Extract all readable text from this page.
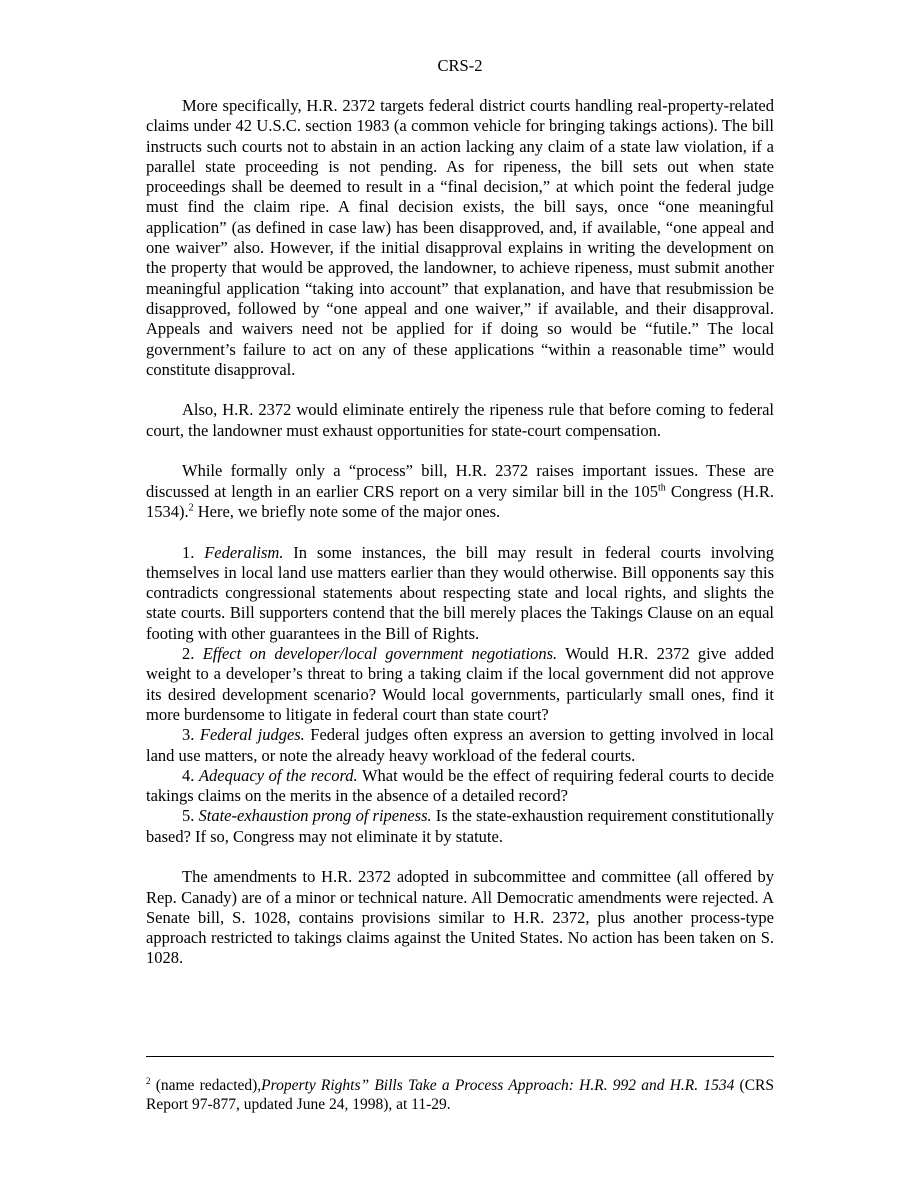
CRS-2

More specifically, H.R. 2372 targets federal district courts handling real-property-related claims under 42 U.S.C. section 1983 (a common vehicle for bringing takings actions). The bill instructs such courts not to abstain in an action lacking any claim of a state law violation, if a parallel state proceeding is not pending. As for ripeness, the bill sets out when state proceedings shall be deemed to result in a “final decision,” at which point the federal judge must find the claim ripe. A final decision exists, the bill says, once “one meaningful application” (as defined in case law) has been disapproved, and, if available, “one appeal and one waiver” also. However, if the initial disapproval explains in writing the development on the property that would be approved, the landowner, to achieve ripeness, must submit another meaningful application “taking into account” that explanation, and have that resubmission be disapproved, followed by “one appeal and one waiver,” if available, and their disapproval. Appeals and waivers need not be applied for if doing so would be “futile.” The local government’s failure to act on any of these applications “within a reasonable time” would constitute disapproval.

Also, H.R. 2372 would eliminate entirely the ripeness rule that before coming to federal court, the landowner must exhaust opportunities for state-court compensation.

While formally only a “process” bill, H.R. 2372 raises important issues. These are discussed at length in an earlier CRS report on a very similar bill in the 105th Congress (H.R. 1534).$^2$ Here, we briefly note some of the major ones.

1. Federalism. In some instances, the bill may result in federal courts involving themselves in local land use matters earlier than they would otherwise. Bill opponents say this contradicts congressional statements about respecting state and local rights, and slights the state courts. Bill supporters contend that the bill merely places the Takings Clause on an equal footing with other guarantees in the Bill of Rights.

2. Effect on developer/local government negotiations. Would H.R. 2372 give added weight to a developer’s threat to bring a taking claim if the local government did not approve its desired development scenario? Would local governments, particularly small ones, find it more burdensome to litigate in federal court than state court?

3. Federal judges. Federal judges often express an aversion to getting involved in local land use matters, or note the already heavy workload of the federal courts.

4. Adequacy of the record. What would be the effect of requiring federal courts to decide takings claims on the merits in the absence of a detailed record?

5. State-exhaustion prong of ripeness. Is the state-exhaustion requirement constitutionally based? If so, Congress may not eliminate it by statute.

The amendments to H.R. 2372 adopted in subcommittee and committee (all offered by Rep. Canady) are of a minor or technical nature. All Democratic amendments were rejected. A Senate bill, S. 1028, contains provisions similar to H.R. 2372, plus another process-type approach restricted to takings claims against the United States. No action has been taken on S. 1028.

$^2$ (name redacted),Property Rights” Bills Take a Process Approach: H.R. 992 and H.R. 1534 (CRS Report 97-877, updated June 24, 1998), at 11-29.
